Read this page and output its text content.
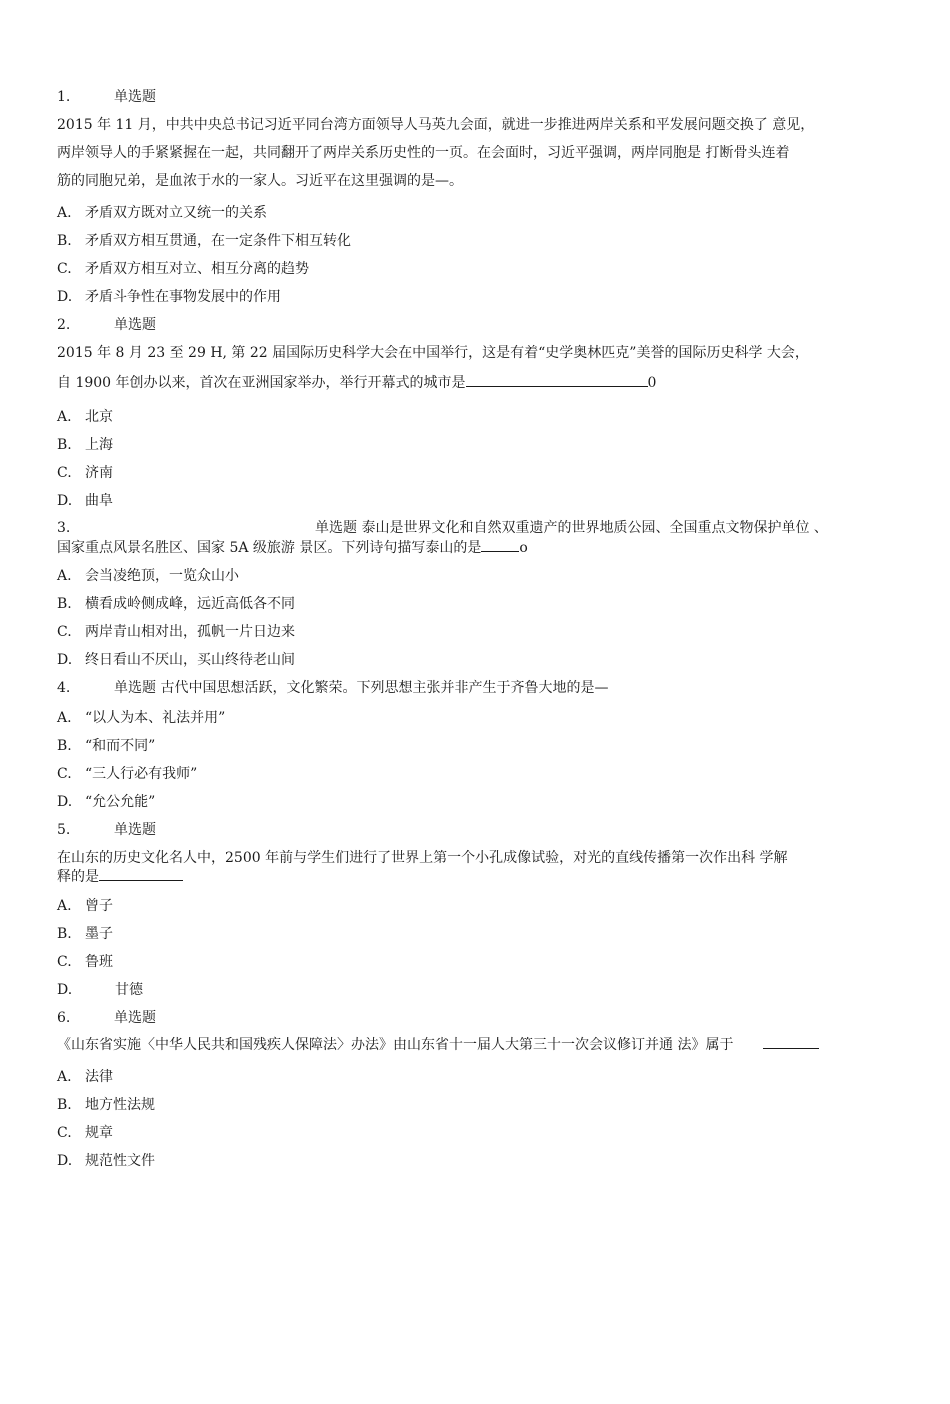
1.	单选题
2015 年 11 月，中共中央总书记习近平同台湾方面领导人马英九会面，就进一步推进两岸关系和平发展问题交换了 意见，
两岸领导人的手紧紧握在一起，共同翻开了两岸关系历史性的一页。在会面时，习近平强调，两岸同胞是 打断骨头连着
筋的同胞兄弟，是血浓于水的一家人。习近平在这里强调的是—。
A. 矛盾双方既对立又统一的关系
B. 矛盾双方相互贯通，在一定条件下相互转化
C. 矛盾双方相互对立、相互分离的趋势
D. 矛盾斗争性在事物发展中的作用
2.	单选题
2015 年 8 月 23 至 29 H, 第 22 届国际历史科学大会在中国举行，这是有着“史学奥林匹克”美誉的国际历史科学 大会，
自 1900 年创办以来，首次在亚洲国家举办，举行开幕式的城市是	0
A. 北京
B. 上海
C. 济南
D. 曲阜
3.	单选题 泰山是世界文化和自然双重遗产的世界地质公园、全国重点文物保护单位 、
国家重点风景名胜区、国家 5A 级旅游 景区。下列诗句描写泰山的是	o
A. 会当凌绝顶，一览众山小
B. 横看成岭侧成峰，远近高低各不同
C. 两岸青山相对出，孤帆一片日边来
D. 终日看山不厌山，买山终待老山间
4.	单选题 古代中国思想活跃，文化繁荣。下列思想主张并非产生于齐鲁大地的是—
A. “以人为本、礼法并用”
B. “和而不同”
C. “三人行必有我师”
D. “允公允能”
5.	单选题
在山东的历史文化名人中，2500 年前与学生们进行了世界上第一个小孔成像试验，对光的直线传播第一次作出科 学解
释的是
A. 曾子
B. 墨子
C. 鲁班
D.	甘德
6.	单选题
《山东省实施〈中华人民共和国残疾人保障法〉办法》由山东省十一届人大第三十一次会议修订并通 法》属于
A. 法律
B. 地方性法规
C. 规章
D. 规范性文件
